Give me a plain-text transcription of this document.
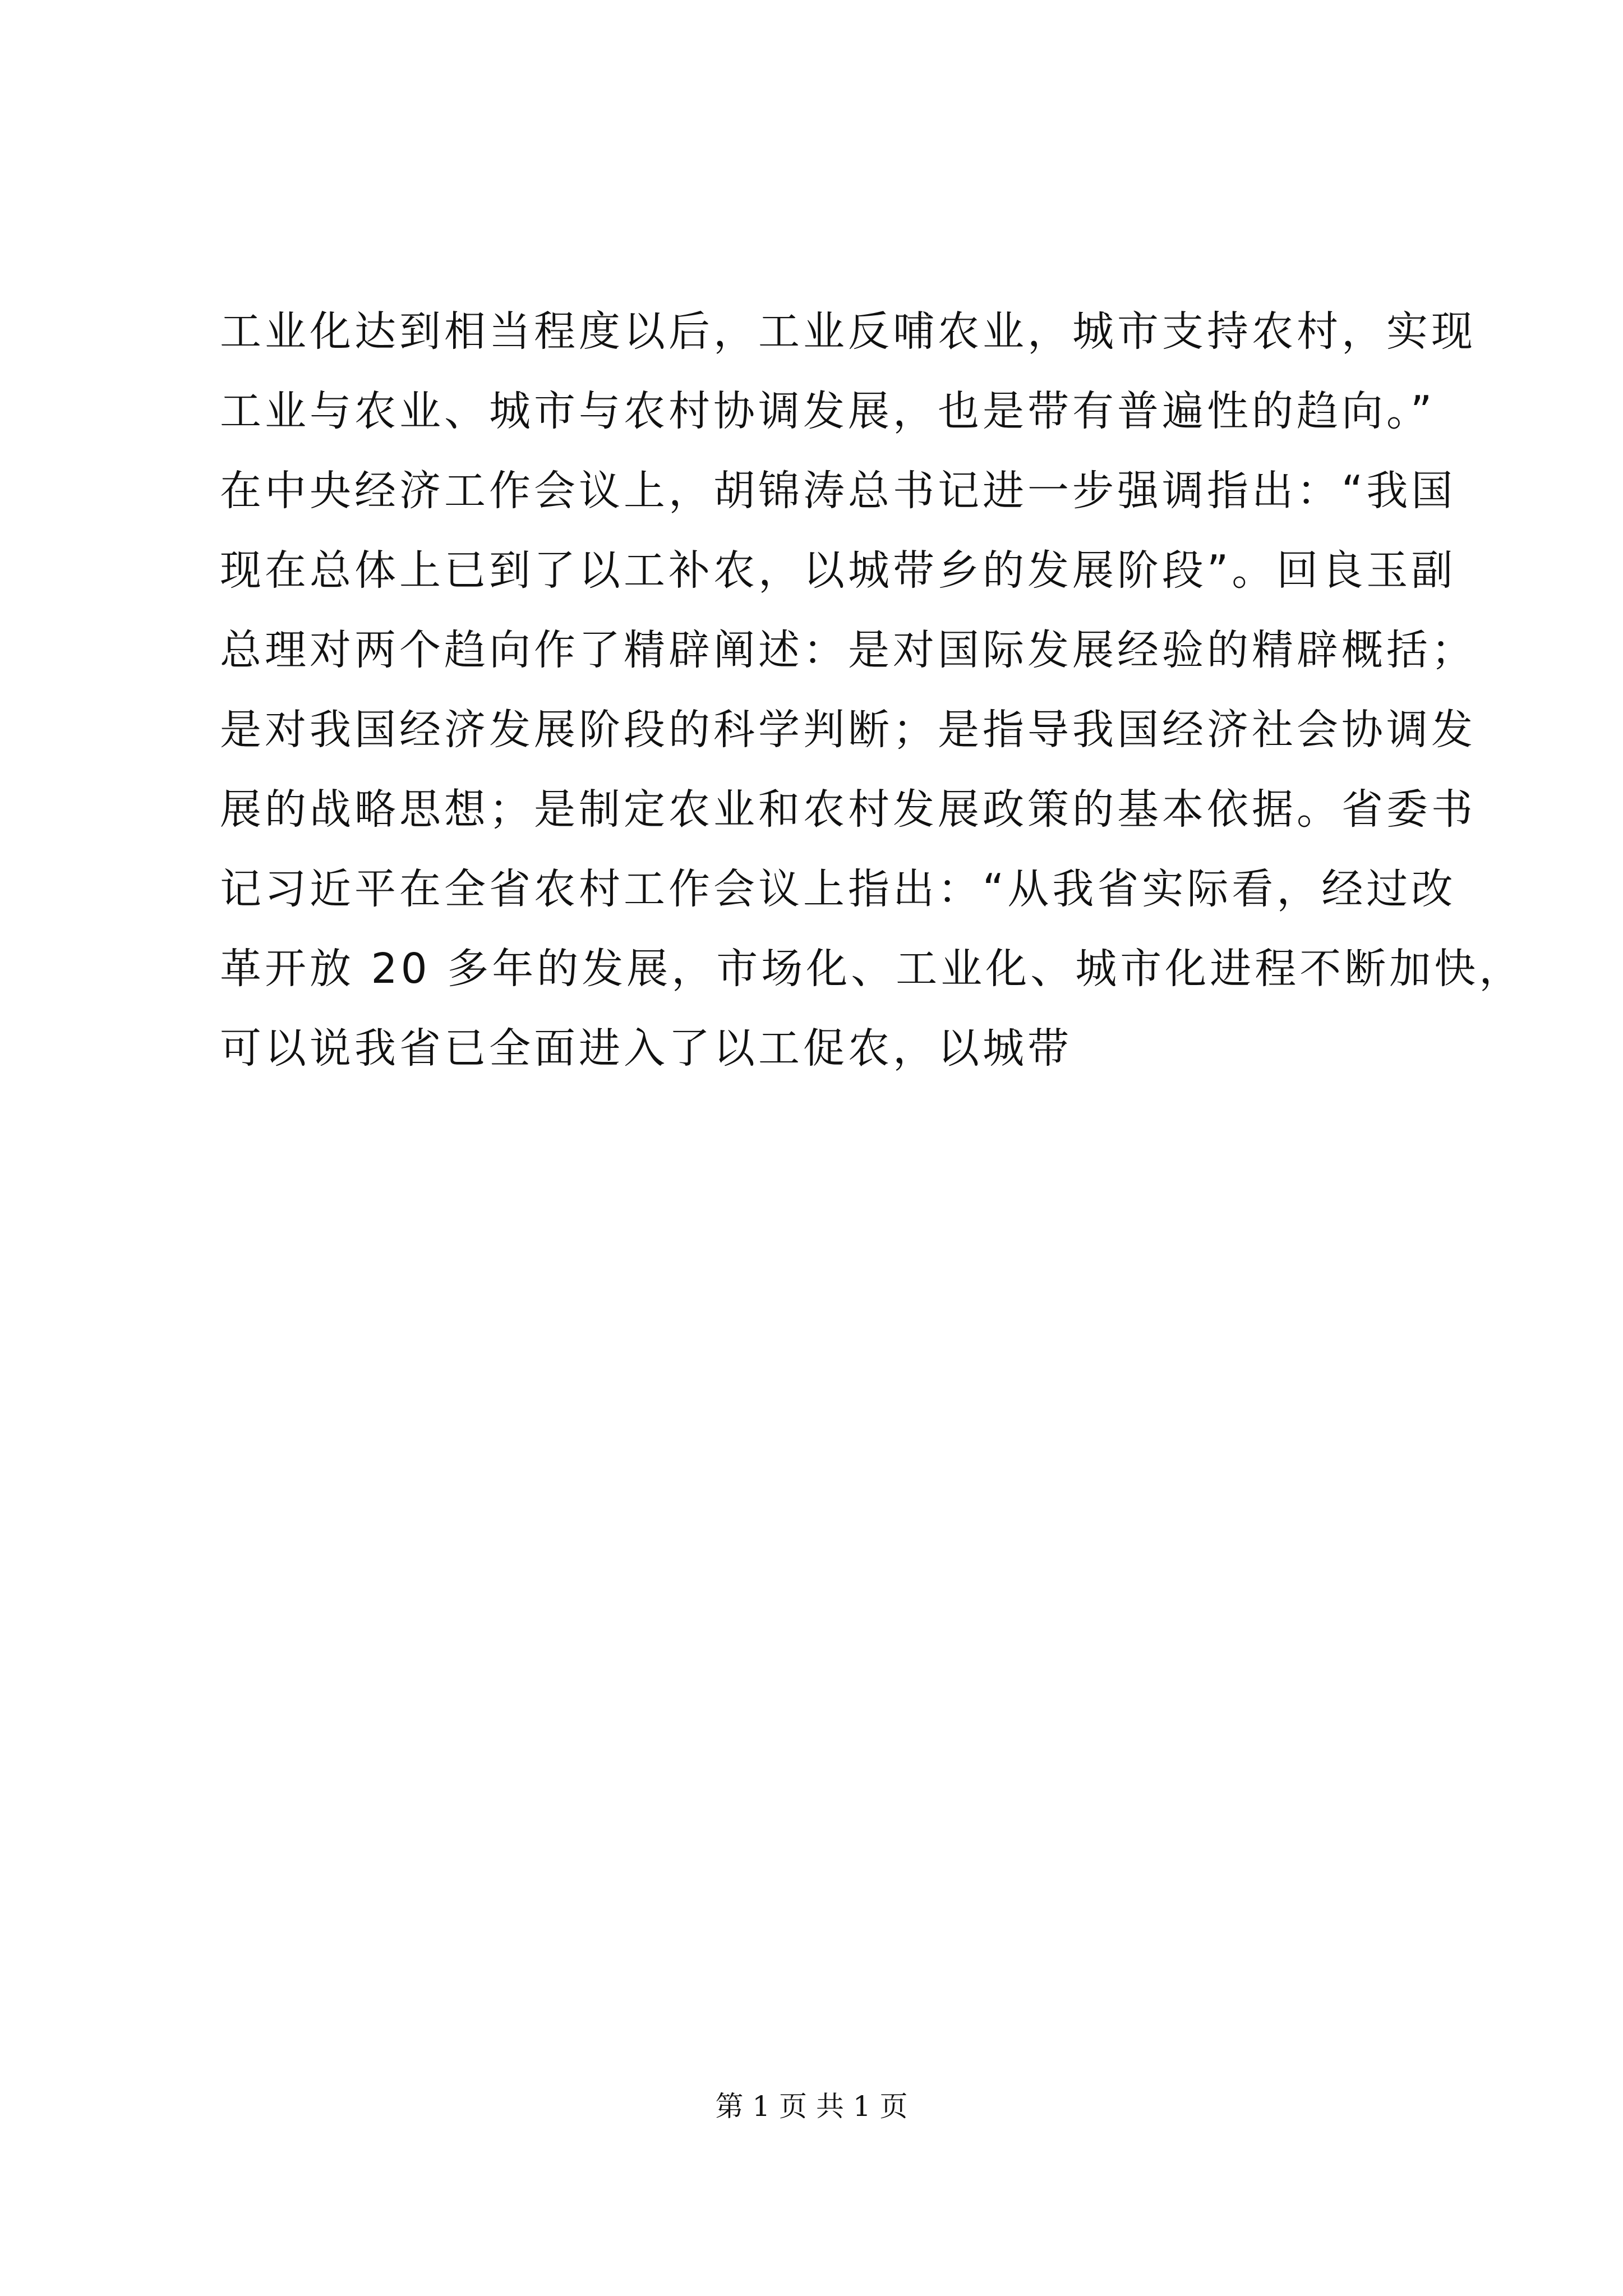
工业化达到相当程度以后，工业反哺农业，城市支持农村，实现
工业与农业、城市与农村协调发展，也是带有普遍性的趋向。”
在中央经济工作会议上，胡锦涛总书记进一步强调指出：“我国
现在总体上已到了以工补农，以城带乡的发展阶段”。回良玉副
总理对两个趋向作了精辟阐述：是对国际发展经验的精辟概括；
是对我国经济发展阶段的科学判断；是指导我国经济社会协调发
展的战略思想；是制定农业和农村发展政策的基本依据。省委书
记习近平在全省农村工作会议上指出：“从我省实际看，经过改
革开放 20 多年的发展，市场化、工业化、城市化进程不断加快，
可以说我省已全面进入了以工促农，以城带
第 1 页 共 1 页
